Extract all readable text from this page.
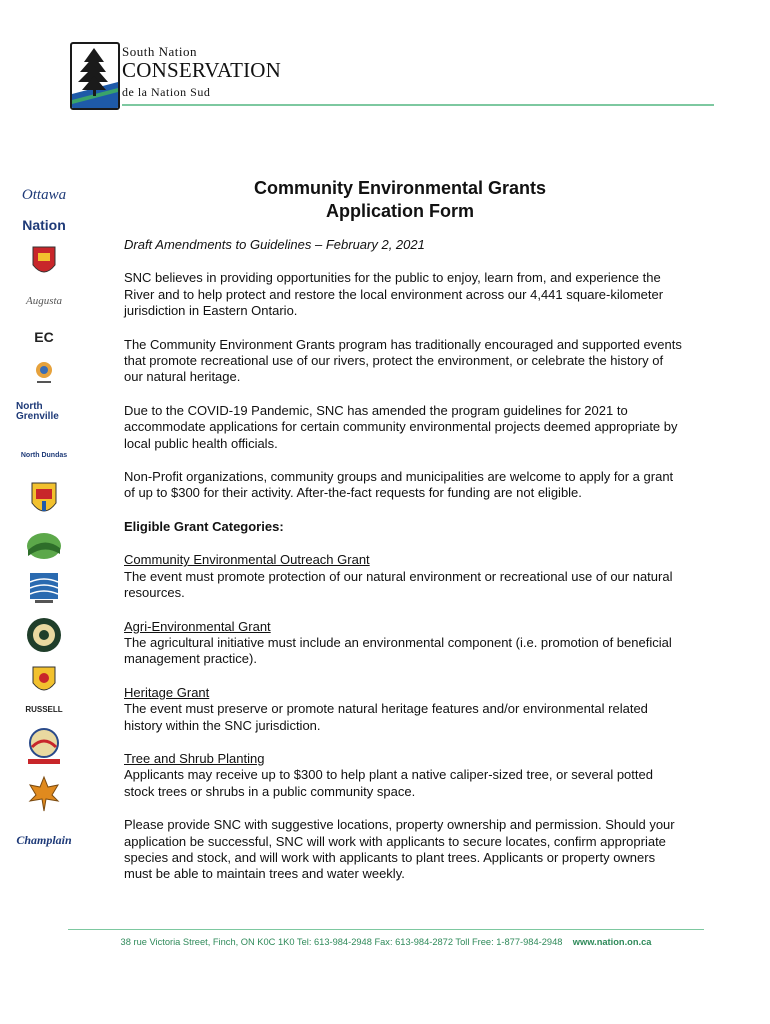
South Nation
CONSERVATION
de la Nation Sud
Ottawa
Nation
Augusta
EC
North Grenville
North Dundas
RUSSELL
Champlain
Community Environmental Grants
Application Form

Draft Amendments to Guidelines – February 2, 2021

SNC believes in providing opportunities for the public to enjoy, learn from, and experience the River and to help protect and restore the local environment across our 4,441 square-kilometer jurisdiction in Eastern Ontario.

The Community Environment Grants program has traditionally encouraged and supported events that promote recreational use of our rivers, protect the environment, or celebrate the history of our natural heritage.

Due to the COVID-19 Pandemic, SNC has amended the program guidelines for 2021 to accommodate applications for certain community environmental projects deemed appropriate by local public health officials.

Non-Profit organizations, community groups and municipalities are welcome to apply for a grant of up to $300 for their activity. After-the-fact requests for funding are not eligible.

Eligible Grant Categories:

Community Environmental Outreach Grant
The event must promote protection of our natural environment or recreational use of our natural resources.

Agri-Environmental Grant
The agricultural initiative must include an environmental component (i.e. promotion of beneficial management practice).

Heritage Grant
The event must preserve or promote natural heritage features and/or environmental related history within the SNC jurisdiction.

Tree and Shrub Planting
Applicants may receive up to $300 to help plant a native caliper-sized tree, or several potted stock trees or shrubs in a public community space.

Please provide SNC with suggestive locations, property ownership and permission. Should your application be successful, SNC will work with applicants to secure locates, confirm appropriate species and stock, and will work with applicants to plant trees. Applicants or property owners must be able to maintain trees and water weekly.

38 rue Victoria Street, Finch, ON K0C 1K0 Tel: 613-984-2948 Fax: 613-984-2872 Toll Free: 1-877-984-2948 www.nation.on.ca
